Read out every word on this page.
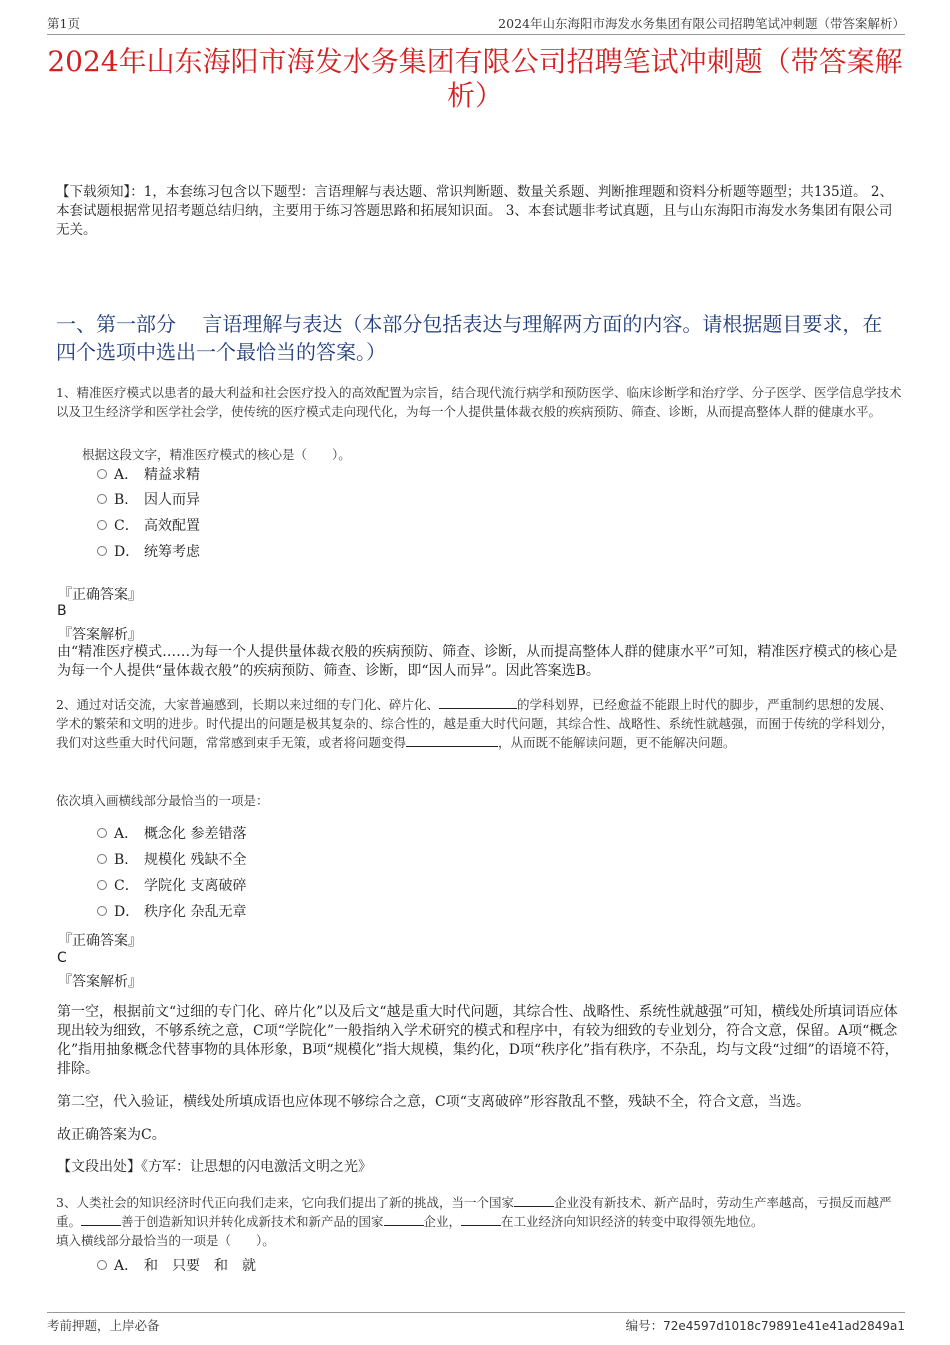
第1页	2024年山东海阳市海发水务集团有限公司招聘笔试冲刺题（带答案解析）
2024年山东海阳市海发水务集团有限公司招聘笔试冲刺题（带答案解析）
【下载须知】：1，本套练习包含以下题型：言语理解与表达题、常识判断题、数量关系题、判断推理题和资料分析题等题型；共135道。 2、本套试题根据常见招考题总结归纳，主要用于练习答题思路和拓展知识面。 3、本套试题非考试真题，且与山东海阳市海发水务集团有限公司无关。
一、第一部分　 言语理解与表达（本部分包括表达与理解两方面的内容。请根据题目要求，在四个选项中选出一个最恰当的答案。）
1、精准医疗模式以患者的最大利益和社会医疗投入的高效配置为宗旨，结合现代流行病学和预防医学、临床诊断学和治疗学、分子医学、医学信息学技术以及卫生经济学和医学社会学，使传统的医疗模式走向现代化，为每一个人提供量体裁衣般的疾病预防、筛查、诊断，从而提高整体人群的健康水平。
根据这段文字，精准医疗模式的核心是（　　）。
A． 精益求精
B． 因人而异
C． 高效配置
D． 统筹考虑
『正确答案』
B
『答案解析』
由“精准医疗模式……为每一个人提供量体裁衣般的疾病预防、筛查、诊断，从而提高整体人群的健康水平”可知，精准医疗模式的核心是为每一个人提供“量体裁衣般”的疾病预防、筛查、诊断，即“因人而异”。因此答案选B。
2、通过对话交流，大家普遍感到，长期以来过细的专门化、碎片化、	的学科划界，已经愈益不能跟上时代的脚步，严重制约思想的发展、学术的繁荣和文明的进步。时代提出的问题是极其复杂的、综合性的，越是重大时代问题，其综合性、战略性、系统性就越强，而囿于传统的学科划分，我们对这些重大时代问题，常常感到束手无策，或者将问题变得	，从而既不能解读问题，更不能解决问题。
依次填入画横线部分最恰当的一项是：
A． 概念化 参差错落
B． 规模化 残缺不全
C． 学院化 支离破碎
D． 秩序化 杂乱无章
『正确答案』
C
『答案解析』
第一空，根据前文“过细的专门化、碎片化”以及后文“越是重大时代问题，其综合性、战略性、系统性就越强”可知，横线处所填词语应体现出较为细致，不够系统之意，C项“学院化”一般指纳入学术研究的模式和程序中，有较为细致的专业划分，符合文意，保留。A项“概念化”指用抽象概念代替事物的具体形象，B项“规模化”指大规模，集约化，D项“秩序化”指有秩序，不杂乱，均与文段“过细”的语境不符，排除。
第二空，代入验证，横线处所填成语也应体现不够综合之意，C项“支离破碎”形容散乱不整，残缺不全，符合文意，当选。
故正确答案为C。
【文段出处】《方军：让思想的闪电激活文明之光》
3、人类社会的知识经济时代正向我们走来，它向我们提出了新的挑战，当一个国家	企业没有新技术、新产品时，劳动生产率越高，亏损反而越严重。	善于创造新知识并转化成新技术和新产品的国家	企业，	在工业经济向知识经济的转变中取得领先地位。
填入横线部分最恰当的一项是（　　）。
A． 和　只要　和　就
考前押题，上岸必备	编号：72e4597d1018c79891e41e41ad2849a1
